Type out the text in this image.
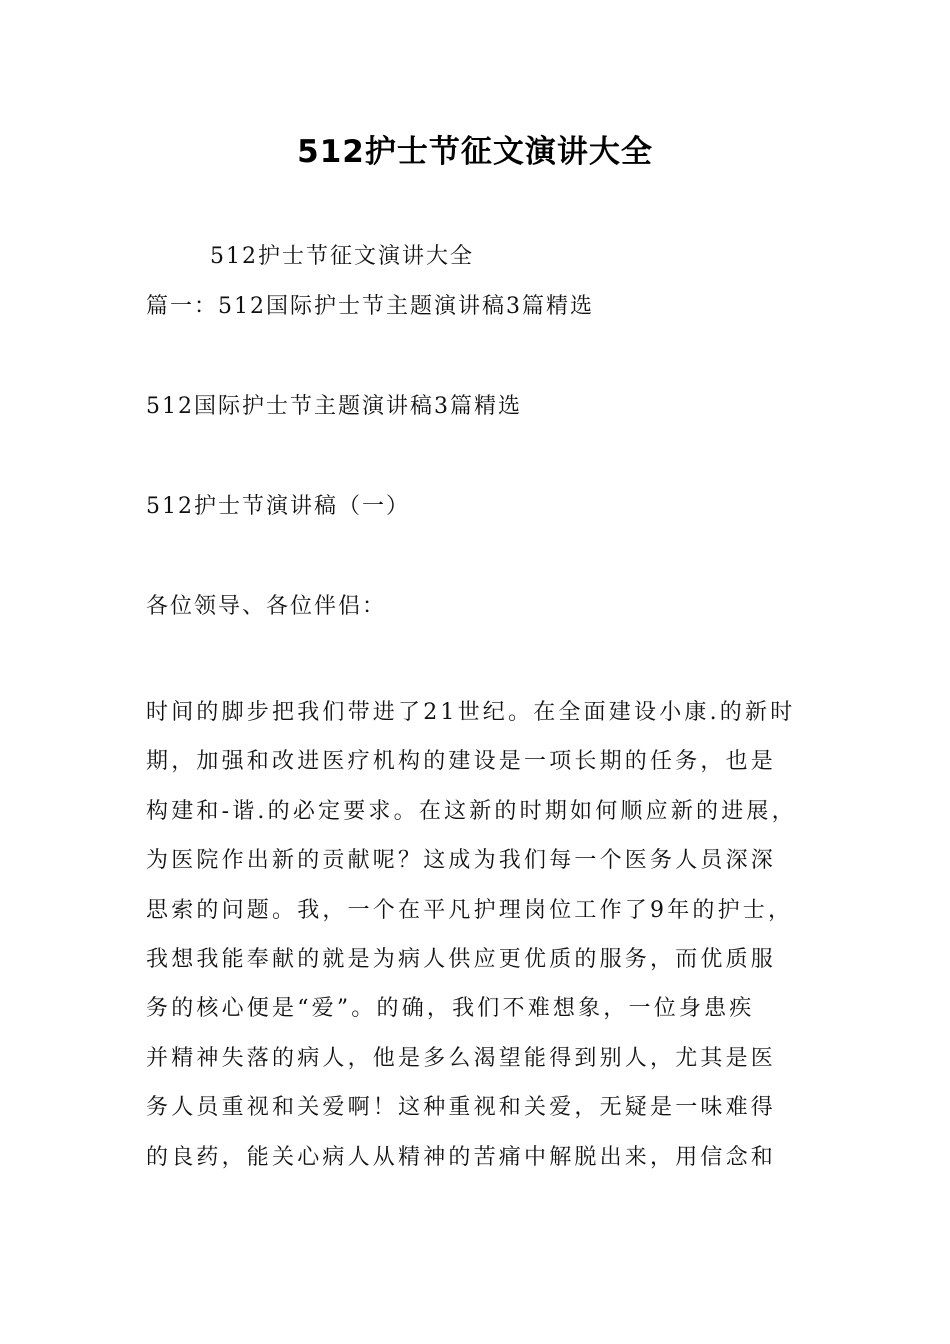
512护士节征文演讲大全
512护士节征文演讲大全
篇一：512国际护士节主题演讲稿3篇精选
512国际护士节主题演讲稿3篇精选
512护士节演讲稿（一）
各位领导、各位伴侣：
时间的脚步把我们带进了21世纪。在全面建设小康.的新时
期，加强和改进医疗机构的建设是一项长期的任务，也是
构建和-谐.的必定要求。在这新的时期如何顺应新的进展，
为医院作出新的贡献呢？这成为我们每一个医务人员深深
思索的问题。我，一个在平凡护理岗位工作了9年的护士，
我想我能奉献的就是为病人供应更优质的服务，而优质服
务的核心便是“爱”。的确，我们不难想象，一位身患疾
并精神失落的病人，他是多么渴望能得到别人，尤其是医
务人员重视和关爱啊！这种重视和关爱，无疑是一味难得
的良药，能关心病人从精神的苦痛中解脱出来，用信念和
